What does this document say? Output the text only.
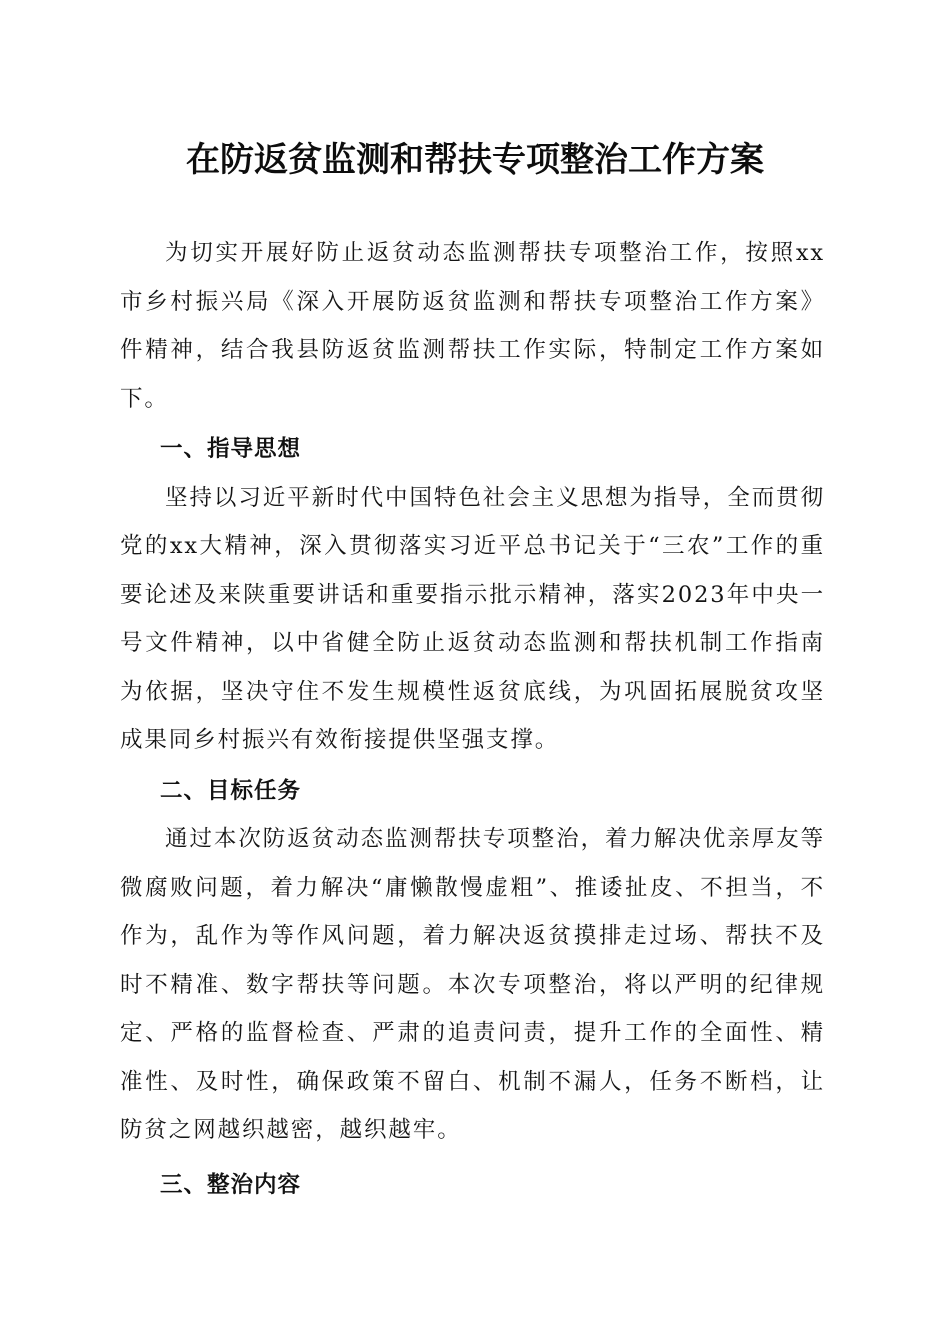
在防返贫监测和帮扶专项整治工作方案

为切实开展好防止返贫动态监测帮扶专项整治工作，按照xx市乡村振兴局《深入开展防返贫监测和帮扶专项整治工作方案》件精神，结合我县防返贫监测帮扶工作实际，特制定工作方案如下。

一、指导思想

坚持以习近平新时代中国特色社会主义思想为指导，全而贯彻党的xx大精神，深入贯彻落实习近平总书记关于“三农”工作的重要论述及来陕重要讲话和重要指示批示精神，落实2023年中央一号文件精神，以中省健全防止返贫动态监测和帮扶机制工作指南为依据，坚决守住不发生规模性返贫底线，为巩固拓展脱贫攻坚成果同乡村振兴有效衔接提供坚强支撑。

二、目标任务

通过本次防返贫动态监测帮扶专项整治，着力解决优亲厚友等微腐败问题，着力解决“庸懒散慢虚粗”、推诿扯皮、不担当，不作为，乱作为等作风问题，着力解决返贫摸排走过场、帮扶不及时不精准、数字帮扶等问题。本次专项整治，将以严明的纪律规定、严格的监督检查、严肃的追责问责，提升工作的全面性、精准性、及时性，确保政策不留白、机制不漏人，任务不断档，让防贫之网越织越密，越织越牢。

三、整治内容
